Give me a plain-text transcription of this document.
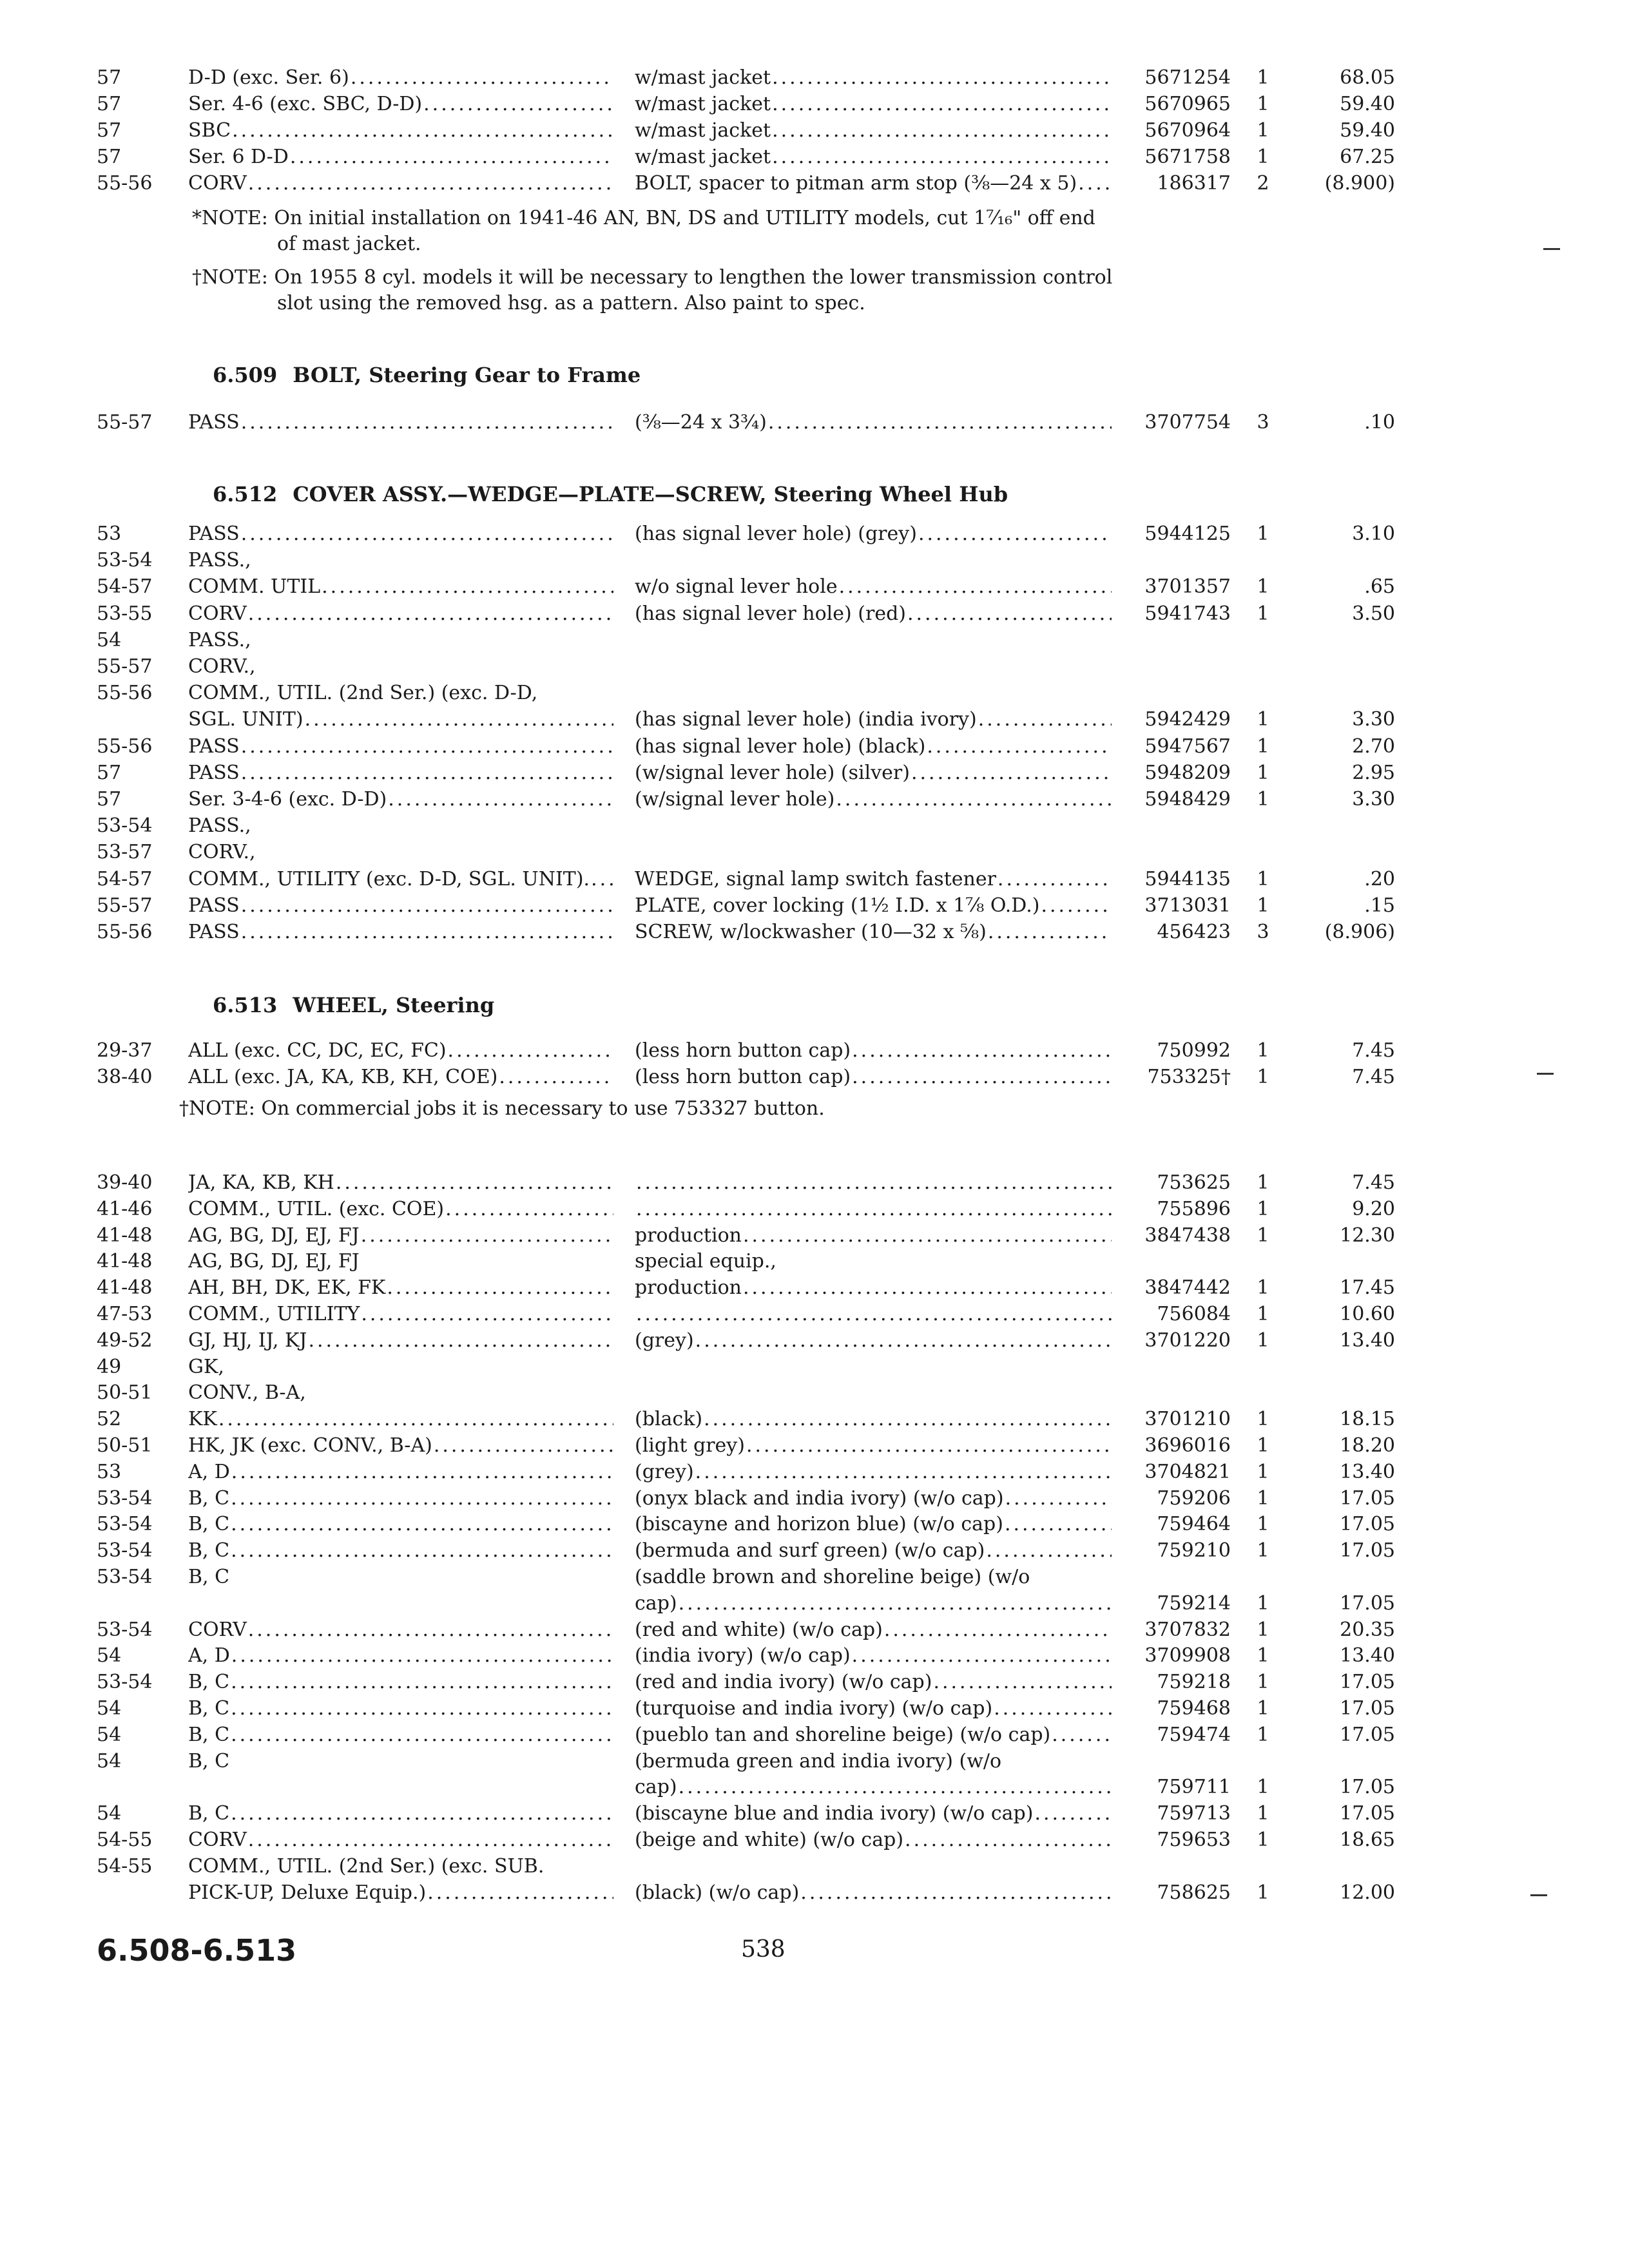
57	D-D (exc. Ser. 6) .....	w/mast jacket .....	5671254	1	68.05
57	Ser. 4-6 (exc. SBC, D-D) .....	w/mast jacket .....	5670965	1	59.40
57	SBC .....	w/mast jacket .....	5670964	1	59.40
57	Ser. 6 D-D .....	w/mast jacket .....	5671758	1	67.25
55-56	CORV .....	BOLT, spacer to pitman arm stop (⅜—24 x 5) .....	186317	2	(8.900)
*NOTE: On initial installation on 1941-46 AN, BN, DS and UTILITY models, cut 1⁷⁄₁₆" off end
of mast jacket.
†NOTE: On 1955 8 cyl. models it will be necessary to lengthen the lower transmission control
slot using the removed hsg. as a pattern. Also paint to spec.
6.509 BOLT, Steering Gear to Frame
55-57	PASS .....	(⅜—24 x 3¾) .....	3707754	3	.10
6.512 COVER ASSY.—WEDGE—PLATE—SCREW, Steering Wheel Hub
53	PASS .....	(has signal lever hole) (grey) .....	5944125	1	3.10
53-54	PASS.,
54-57	COMM. UTIL .....	w/o signal lever hole .....	3701357	1	.65
53-55	CORV .....	(has signal lever hole) (red) .....	5941743	1	3.50
54	PASS.,
55-57	CORV.,
55-56	COMM., UTIL. (2nd Ser.) (exc. D-D,
SGL. UNIT) .....	(has signal lever hole) (india ivory) .....	5942429	1	3.30
55-56	PASS .....	(has signal lever hole) (black) .....	5947567	1	2.70
57	PASS .....	(w/signal lever hole) (silver) .....	5948209	1	2.95
57	Ser. 3-4-6 (exc. D-D) .....	(w/signal lever hole) .....	5948429	1	3.30
53-54	PASS.,
53-57	CORV.,
54-57	COMM., UTILITY (exc. D-D, SGL. UNIT). ..... WEDGE, signal lamp switch fastener .....	5944135	1	.20
55-57	PASS .....	PLATE, cover locking (1½ I.D. x 1⅞ O.D.) .....	3713031	1	.15
55-56	PASS .....	SCREW, w/lockwasher (10—32 x ⅝) .....	456423	3	(8.906)
6.513 WHEEL, Steering
29-37	ALL (exc. CC, DC, EC, FC) .....	(less horn button cap) .....	750992	1	7.45
38-40	ALL (exc. JA, KA, KB, KH, COE) .....	(less horn button cap) .....	753325†	1	7.45
†NOTE: On commercial jobs it is necessary to use 753327 button.
39-40	JA, KA, KB, KH ..... .....	753625	1	7.45
41-46	COMM., UTIL. (exc. COE) ..... .....	755896	1	9.20
41-48	AG, BG, DJ, EJ, FJ .....	production .....	3847438	1	12.30
41-48	AG, BG, DJ, EJ, FJ	special equip.,
41-48	AH, BH, DK, EK, FK .....	production .....	3847442	1	17.45
47-53	COMM., UTILITY ..... .....	756084	1	10.60
49-52	GJ, HJ, IJ, KJ .....	(grey) .....	3701220	1	13.40
49	GK,
50-51	CONV., B-A,
52	KK .....	(black) .....	3701210	1	18.15
50-51	HK, JK (exc. CONV., B-A) .....	(light grey) .....	3696016	1	18.20
53	A, D .....	(grey) .....	3704821	1	13.40
53-54	B, C .....	(onyx black and india ivory) (w/o cap) .....	759206	1	17.05
53-54	B, C .....	(biscayne and horizon blue) (w/o cap) .....	759464	1	17.05
53-54	B, C .....	(bermuda and surf green) (w/o cap) .....	759210	1	17.05
53-54	B, C	(saddle brown and shoreline beige) (w/o
cap) .....	759214	1	17.05
53-54	CORV .....	(red and white) (w/o cap) .....	3707832	1	20.35
54	A, D .....	(india ivory) (w/o cap) .....	3709908	1	13.40
53-54	B, C .....	(red and india ivory) (w/o cap) .....	759218	1	17.05
54	B, C .....	(turquoise and india ivory) (w/o cap) .....	759468	1	17.05
54	B, C .....	(pueblo tan and shoreline beige) (w/o cap) .....	759474	1	17.05
54	B, C	(bermuda green and india ivory) (w/o
cap) .....	759711	1	17.05
54	B, C .....	(biscayne blue and india ivory) (w/o cap) .....	759713	1	17.05
54-55	CORV .....	(beige and white) (w/o cap) .....	759653	1	18.65
54-55	COMM., UTIL. (2nd Ser.) (exc. SUB.
PICK-UP, Deluxe Equip.) .....	(black) (w/o cap) .....	758625	1	12.00
6.508-6.513	538
